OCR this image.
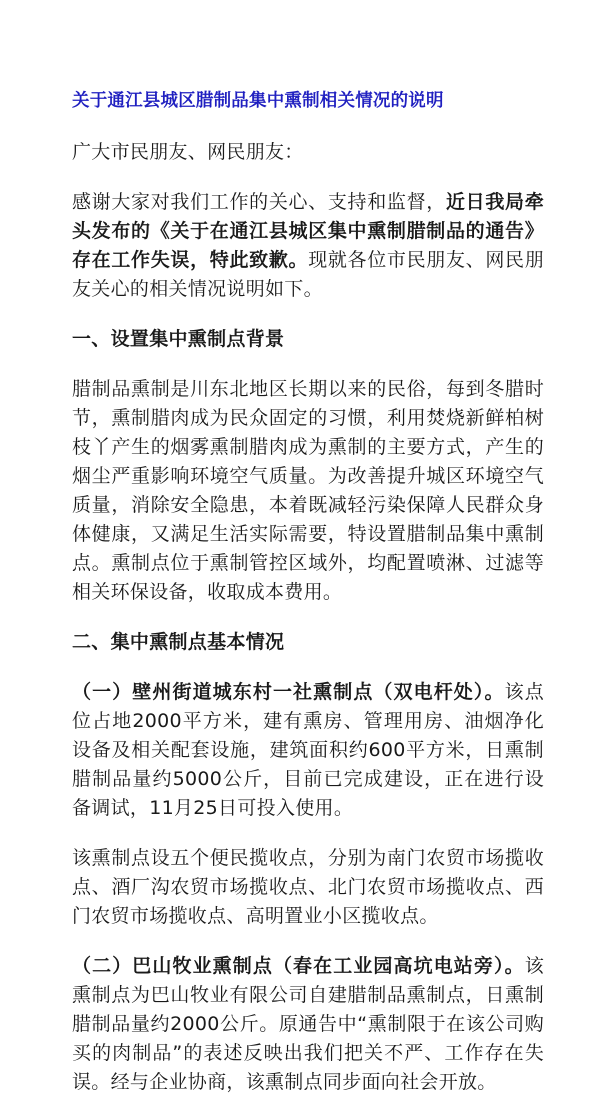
关于通江县城区腊制品集中熏制相关情况的说明
广大市民朋友、网民朋友：
感谢大家对我们工作的关心、支持和监督，近日我局牵头发布的《关于在通江县城区集中熏制腊制品的通告》存在工作失误，特此致歉。现就各位市民朋友、网民朋友关心的相关情况说明如下。
一、设置集中熏制点背景
腊制品熏制是川东北地区长期以来的民俗，每到冬腊时节，熏制腊肉成为民众固定的习惯，利用焚烧新鲜柏树枝丫产生的烟雾熏制腊肉成为熏制的主要方式，产生的烟尘严重影响环境空气质量。为改善提升城区环境空气质量，消除安全隐患，本着既减轻污染保障人民群众身体健康，又满足生活实际需要，特设置腊制品集中熏制点。熏制点位于熏制管控区域外，均配置喷淋、过滤等相关环保设备，收取成本费用。
二、集中熏制点基本情况
（一）壁州街道城东村一社熏制点（双电杆处）。该点位占地2000平方米，建有熏房、管理用房、油烟净化设备及相关配套设施，建筑面积约600平方米，日熏制腊制品量约5000公斤，目前已完成建设，正在进行设备调试，11月25日可投入使用。
该熏制点设五个便民揽收点，分别为南门农贸市场揽收点、酒厂沟农贸市场揽收点、北门农贸市场揽收点、西门农贸市场揽收点、高明置业小区揽收点。
（二）巴山牧业熏制点（春在工业园高坑电站旁）。该熏制点为巴山牧业有限公司自建腊制品熏制点，日熏制腊制品量约2000公斤。原通告中“熏制限于在该公司购买的肉制品”的表述反映出我们把关不严、工作存在失误。经与企业协商，该熏制点同步面向社会开放。
